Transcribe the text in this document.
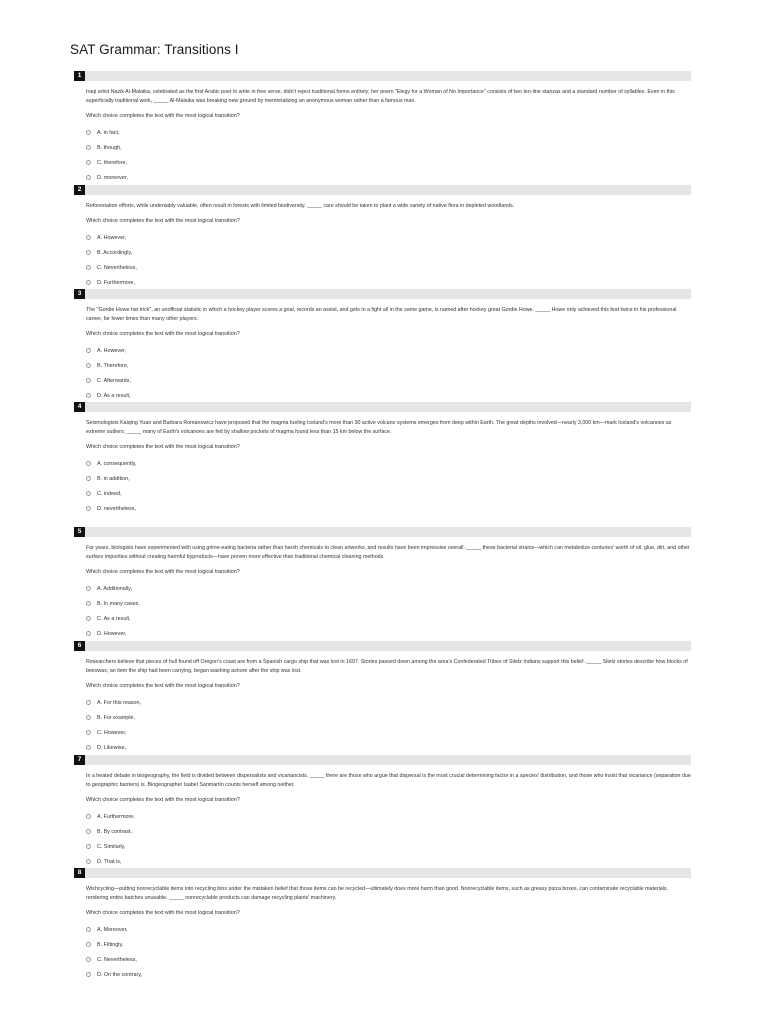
SAT Grammar: Transitions I
1
Iraqi artist Nazik Al-Malaika, celebrated as the first Arabic poet to write in free verse, didn't reject traditional forms entirely; her poem "Elegy for a Woman of No Importance" consists of two ten-line stanzas and a standard number of syllables. Even in this superficially traditional work, _____ Al-Malaika was breaking new ground by memorializing an anonymous woman rather than a famous man.
Which choice completes the text with the most logical transition?
A. in fact,
B. though,
C. therefore,
D. moreover,
2
Reforestation efforts, while undeniably valuable, often result in forests with limited biodiversity. _____ care should be taken to plant a wide variety of native flora in depleted woodlands.
Which choice completes the text with the most logical transition?
A. However,
B. Accordingly,
C. Nevertheless,
D. Furthermore,
3
The "Gordie Howe hat trick", an unofficial statistic in which a hockey player scores a goal, records an assist, and gets in a fight all in the same game, is named after hockey great Gordie Howe. _____ Howe only achieved this feat twice in his professional career, far fewer times than many other players.
Which choice completes the text with the most logical transition?
A. However,
B. Therefore,
C. Afterwards,
D. As a result,
4
Seismologists Kaiqing Yuan and Barbara Romanowicz have proposed that the magma fueling Iceland's more than 30 active volcano systems emerges from deep within Earth. The great depths involved—nearly 3,000 km—mark Iceland's volcanoes as extreme outliers; _____ many of Earth's volcanoes are fed by shallow pockets of magma found less than 15 km below the surface.
Which choice completes the text with the most logical transition?
A. consequently,
B. in addition,
C. indeed,
D. nevertheless,
5
For years, biologists have experimented with using grime-eating bacteria rather than harsh chemicals to clean artworks, and results have been impressive overall. _____ these bacterial strains—which can metabolize centuries' worth of oil, glue, dirt, and other surface impurities without creating harmful byproducts—have proven more effective than traditional chemical cleaning methods.
Which choice completes the text with the most logical transition?
A. Additionally,
B. In many cases,
C. As a result,
D. However,
6
Researchers believe that pieces of hull found off Oregon's coast are from a Spanish cargo ship that was lost in 1697. Stories passed down among the area's Confederated Tribes of Siletz Indians support this belief. _____ Siletz stories describe how blocks of beeswax, an item the ship had been carrying, began washing ashore after the ship was lost.
Which choice completes the text with the most logical transition?
A. For this reason,
B. For example,
C. However,
D. Likewise,
7
In a heated debate in biogeography, the field is divided between dispersalists and vicariancists. _____ there are those who argue that dispersal is the most crucial determining factor in a species' distribution, and those who insist that vicariance (separation due to geographic barriers) is. Biogeographer Isabel Sanmartín counts herself among neither.
Which choice completes the text with the most logical transition?
A. Furthermore,
B. By contrast,
C. Similarly,
D. That is,
8
Wishcycling—putting nonrecyclable items into recycling bins under the mistaken belief that those items can be recycled—ultimately does more harm than good. Nonrecyclable items, such as greasy pizza boxes, can contaminate recyclable materials, rendering entire batches unusable. _____ nonrecyclable products can damage recycling plants' machinery.
Which choice completes the text with the most logical transition?
A. Moreover,
B. Fittingly,
C. Nevertheless,
D. On the contrary,
